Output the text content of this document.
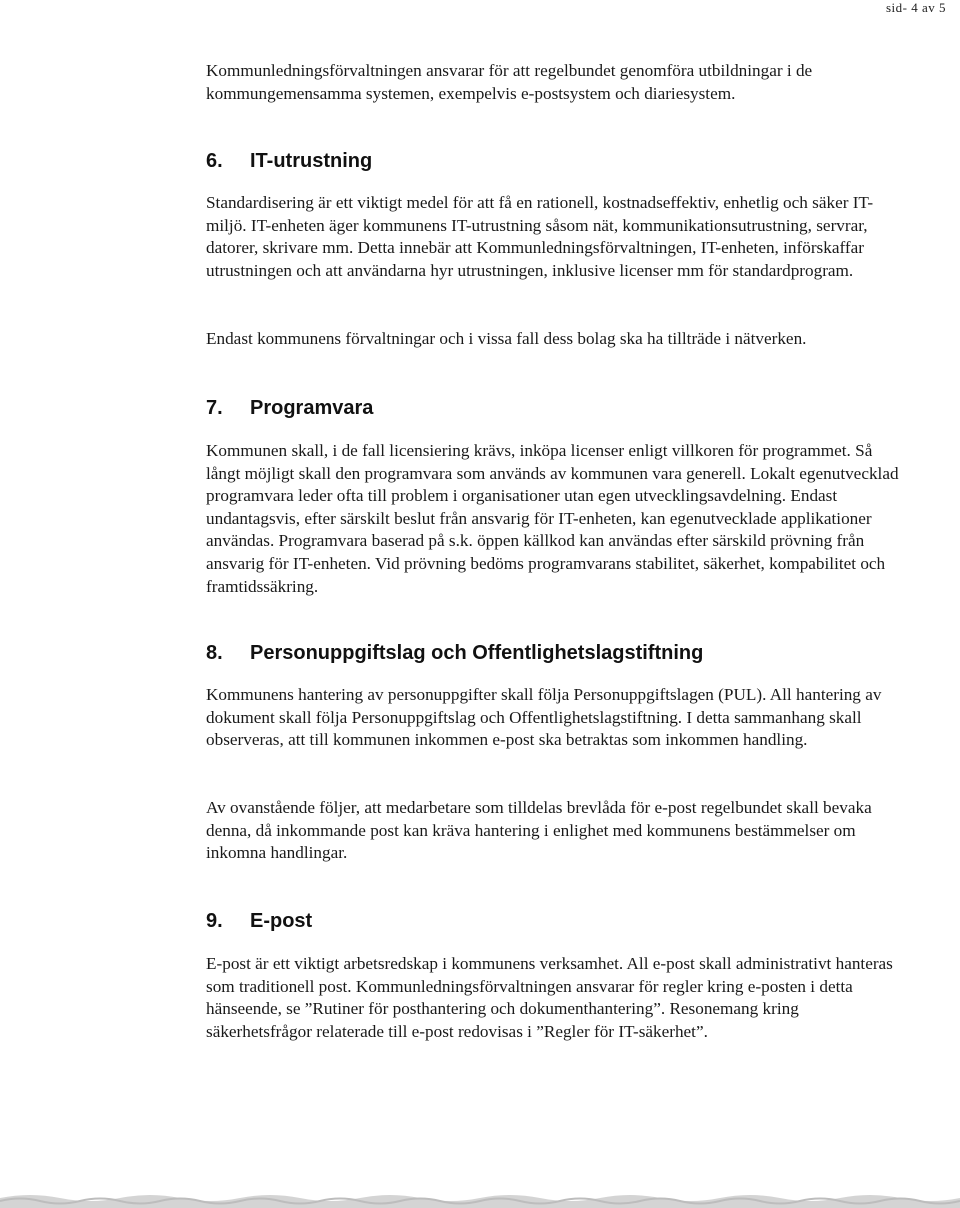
sid- 4 av 5

Kommunledningsförvaltningen ansvarar för att regelbundet genomföra utbildningar i de kommungemensamma systemen, exempelvis e-postsystem och diariesystem.

6. IT-utrustning

Standardisering är ett viktigt medel för att få en rationell, kostnadseffektiv, enhetlig och säker IT-miljö. IT-enheten äger kommunens IT-utrustning såsom nät, kommunikationsutrustning, servrar, datorer, skrivare mm. Detta innebär att Kommunledningsförvaltningen, IT-enheten, införskaffar utrustningen och att användarna hyr utrustningen, inklusive licenser mm för standardprogram.

Endast kommunens förvaltningar och i vissa fall dess bolag ska ha tillträde i nätverken.

7. Programvara

Kommunen skall, i de fall licensiering krävs, inköpa licenser enligt villkoren för programmet. Så långt möjligt skall den programvara som används av kommunen vara generell. Lokalt egenutvecklad programvara leder ofta till problem i organisationer utan egen utvecklingsavdelning. Endast undantagsvis, efter särskilt beslut från ansvarig för IT-enheten, kan egenutvecklade applikationer användas. Programvara baserad på s.k. öppen källkod kan användas efter särskild prövning från ansvarig för IT-enheten. Vid prövning bedöms programvarans stabilitet, säkerhet, kompabilitet och framtidssäkring.

8. Personuppgiftslag och Offentlighetslagstiftning

Kommunens hantering av personuppgifter skall följa Personuppgiftslagen (PUL). All hantering av dokument skall följa Personuppgiftslag och Offentlighetslagstiftning. I detta sammanhang skall observeras, att till kommunen inkommen e-post ska betraktas som inkommen handling.

Av ovanstående följer, att medarbetare som tilldelas brevlåda för e-post regelbundet skall bevaka denna, då inkommande post kan kräva hantering i enlighet med kommunens bestämmelser om inkomna handlingar.

9. E-post

E-post är ett viktigt arbetsredskap i kommunens verksamhet. All e-post skall administrativt hanteras som traditionell post. Kommunledningsförvaltningen ansvarar för regler kring e-posten i detta hänseende, se ”Rutiner för posthantering och dokumenthantering”. Resonemang kring säkerhetsfrågor relaterade till e-post redovisas i ”Regler för IT-säkerhet”.
